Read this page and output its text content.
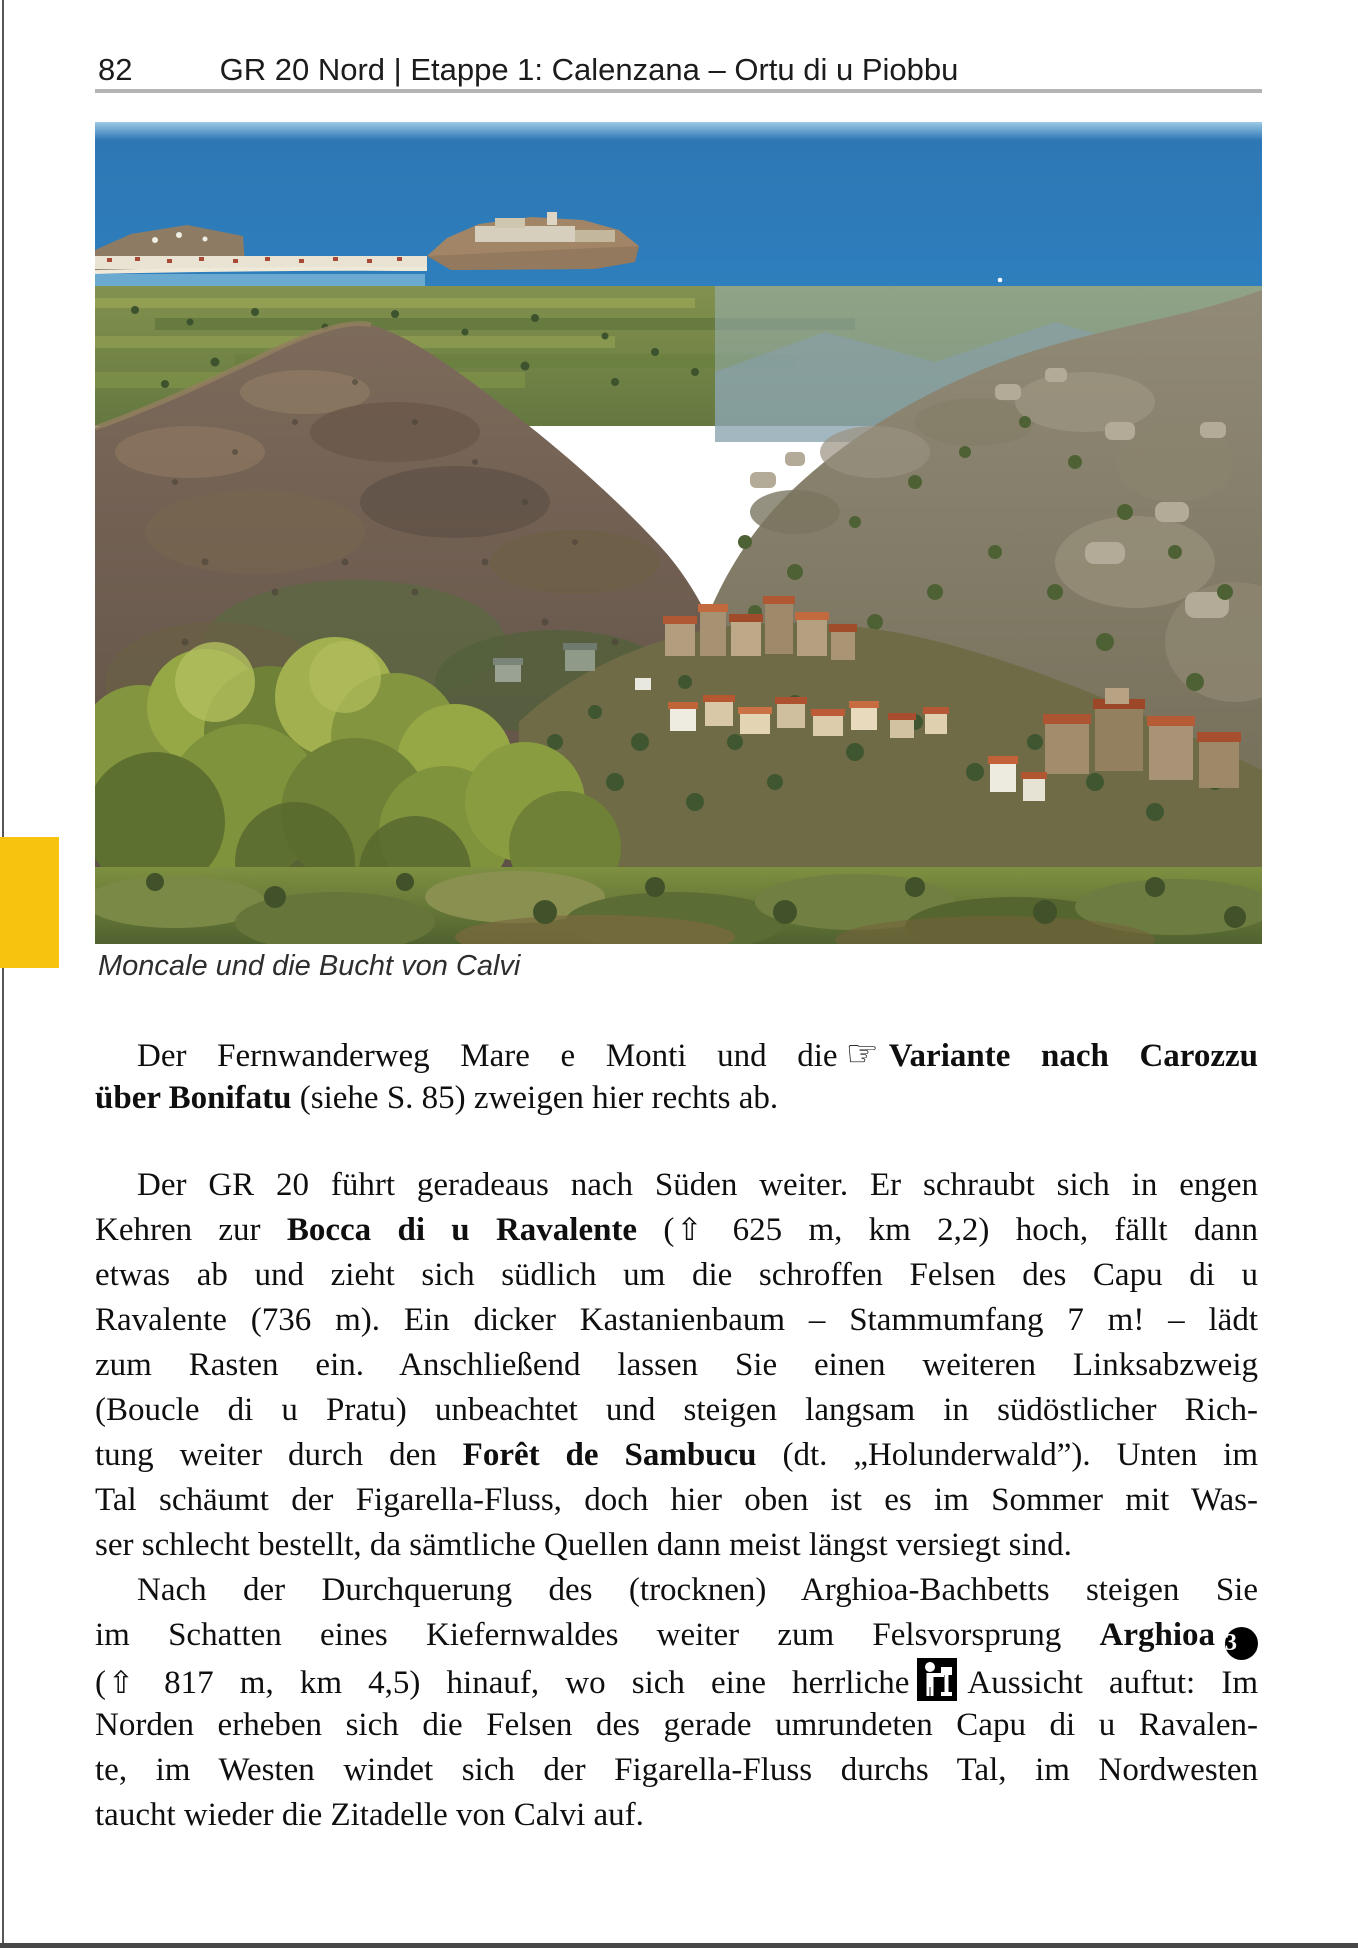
82	GR 20 Nord | Etappe 1: Calenzana – Ortu di u Piobbu
Moncale und die Bucht von Calvi
Der Fernwanderweg Mare e Monti und die ☞ Variante nach Carozzu
über Bonifatu (siehe S. 85) zweigen hier rechts ab.
Der GR 20 führt geradeaus nach Süden weiter. Er schraubt sich in engen
Kehren zur Bocca di u Ravalente (⇧ 625 m, km 2,2) hoch, fällt dann
etwas ab und zieht sich südlich um die schroffen Felsen des Capu di u
Ravalente (736 m). Ein dicker Kastanienbaum – Stammumfang 7 m! – lädt
zum Rasten ein. Anschließend lassen Sie einen weiteren Linksabzweig
(Boucle di u Pratu) unbeachtet und steigen langsam in südöstlicher Rich-
tung weiter durch den Forêt de Sambucu (dt. „Holunderwald”). Unten im
Tal schäumt der Figarella-Fluss, doch hier oben ist es im Sommer mit Was-
ser schlecht bestellt, da sämtliche Quellen dann meist längst versiegt sind.
Nach der Durchquerung des (trocknen) Arghioa-Bachbetts steigen Sie
im Schatten eines Kiefernwaldes weiter zum Felsvorsprung Arghioa 3
(⇧ 817 m, km 4,5) hinauf, wo sich eine herrliche Aussicht auftut: Im
Norden erheben sich die Felsen des gerade umrundeten Capu di u Ravalen-
te, im Westen windet sich der Figarella-Fluss durchs Tal, im Nordwesten
taucht wieder die Zitadelle von Calvi auf.
